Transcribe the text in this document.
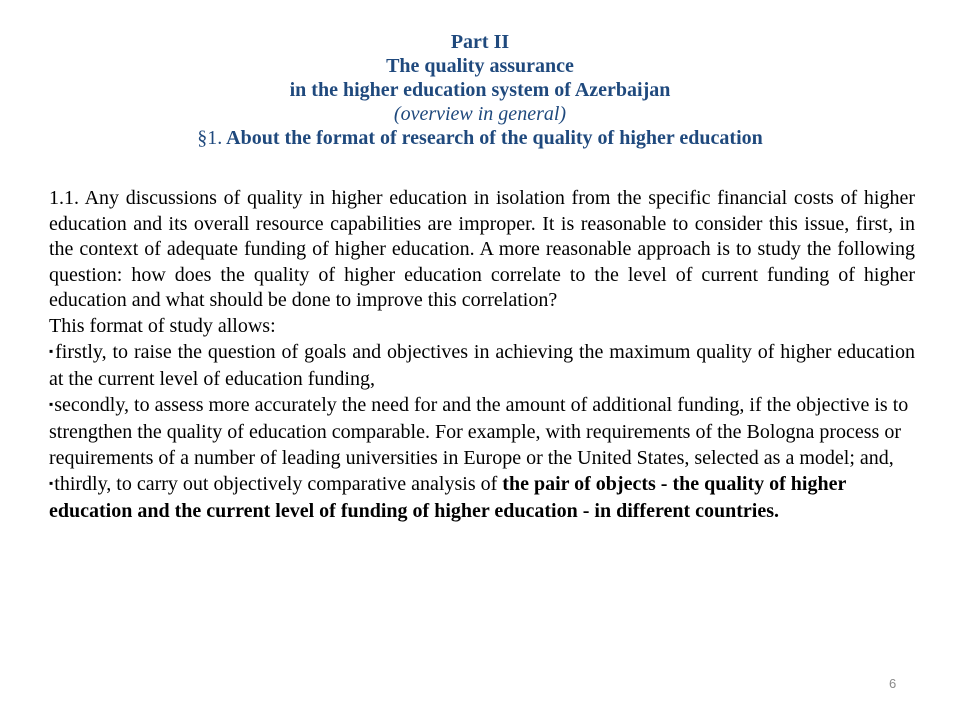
Part II
The quality assurance
in the higher education system of Azerbaijan
(overview in general)
§1. About the format of research of the quality of higher education

1.1. Any discussions of quality in higher education in isolation from the specific financial costs of higher education and its overall resource capabilities are improper. It is reasonable to consider this issue, first, in the context of adequate funding of higher education. A more reasonable approach is to study the following question: how does the quality of higher education correlate to the level of current funding of higher education and what should be done to improve this correlation?

This format of study allows:

▪firstly, to raise the question of goals and objectives in achieving the maximum quality of higher education at the current level of education funding,

▪secondly, to assess more accurately the need for and the amount of additional funding, if the objective is to strengthen the quality of education comparable. For example, with requirements of the Bologna process or requirements of a number of leading universities in Europe or the United States, selected as a model; and,

▪thirdly, to carry out objectively comparative analysis of the pair of objects - the quality of higher education and the current level of funding of higher education - in different countries.

6
